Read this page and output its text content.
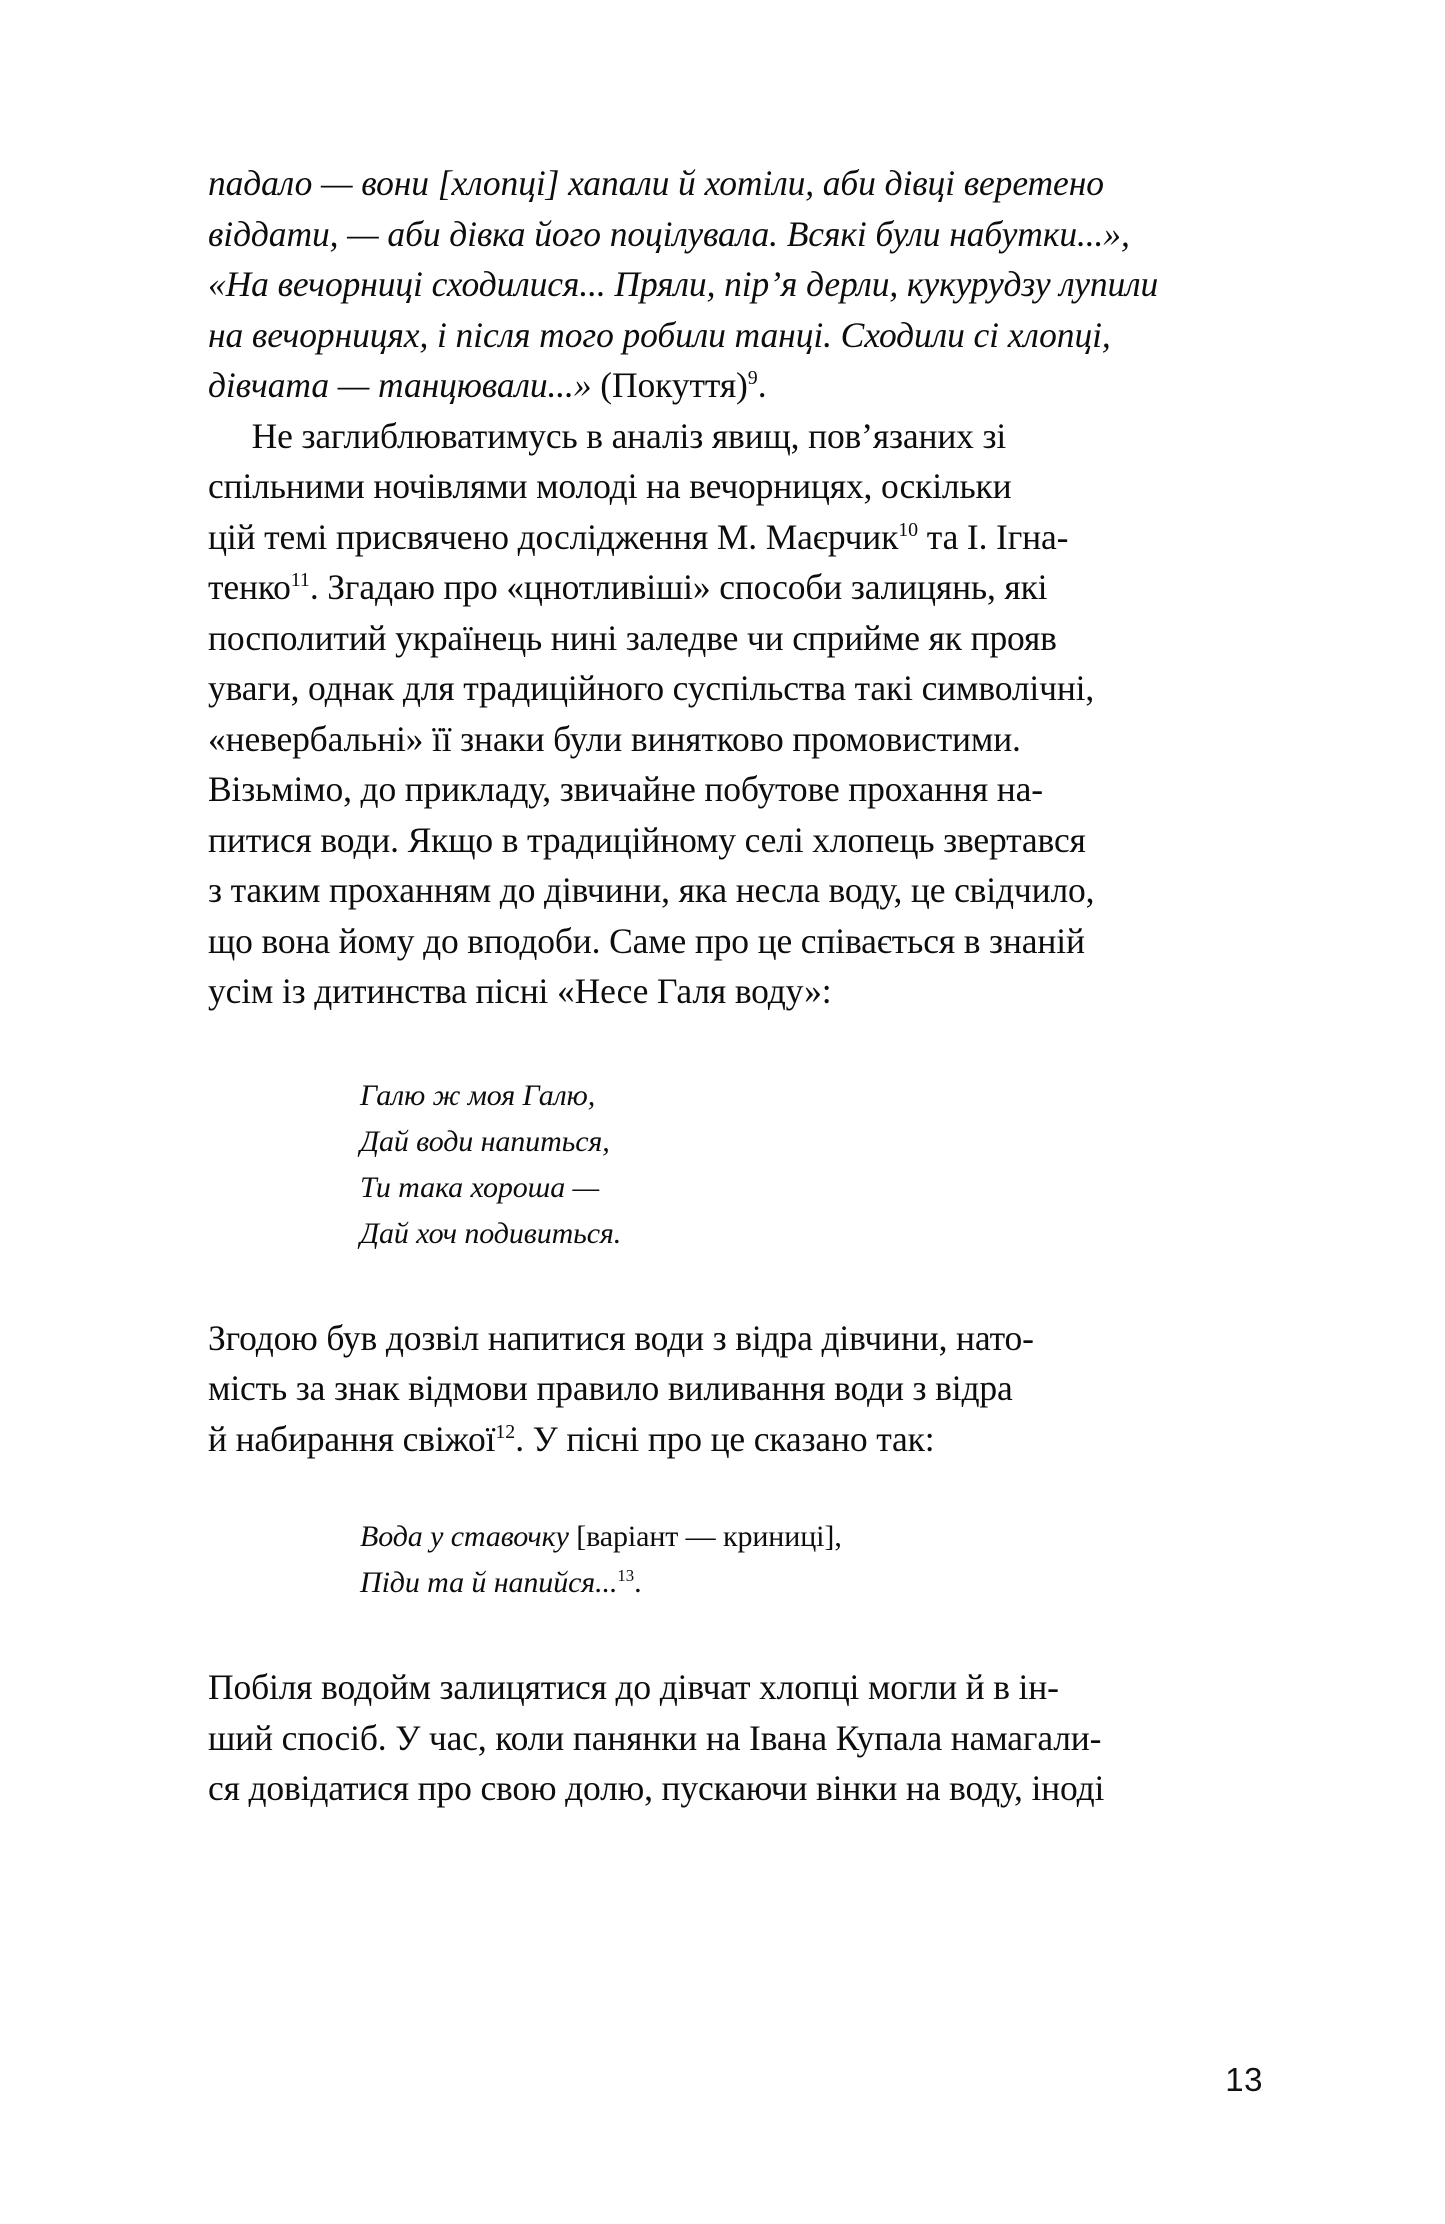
падало — вони [хлопці] хапали й хотіли, аби дівці веретено
віддати, — аби дівка його поцілувала. Всякі були набутки...»,
«На вечорниці сходилися... Пряли, пір’я дерли, кукурудзу лупили
на вечорницях, і після того робили танці. Сходили сі хлопці,
дівчата — танцювали...» (Покуття)$^9$.
Не заглиблюватимусь в аналіз явищ, пов’язаних зі
спільними ночівлями молоді на вечорницях, оскільки
цій темі присвячено дослідження М. Маєрчик$^{10}$ та І. Ігна-
тенко$^{11}$. Згадаю про «цнотливіші» способи залицянь, які
посполитий українець нині заледве чи сприйме як прояв
уваги, однак для традиційного суспільства такі символічні,
«невербальні» її знаки були винятково промовистими.
Візьмімо, до прикладу, звичайне побутове прохання на-
питися води. Якщо в традиційному селі хлопець звертався
з таким проханням до дівчини, яка несла воду, це свідчило,
що вона йому до вподоби. Саме про це співається в знаній
усім із дитинства пісні «Несе Галя воду»:
Галю ж моя Галю,
Дай води напиться,
Ти така хороша —
Дай хоч подивиться.
Згодою був дозвіл напитися води з відра дівчини, нато-
мість за знак відмови правило виливання води з відра
й набирання свіжої$^{12}$. У пісні про це сказано так:
Вода у ставочку [варіант — криниці],
Піди та й напийся...$^{13}$.
Побіля водойм залицятися до дівчат хлопці могли й в ін-
ший спосіб. У час, коли панянки на Івана Купала намагали-
ся довідатися про свою долю, пускаючи вінки на воду, іноді
13
